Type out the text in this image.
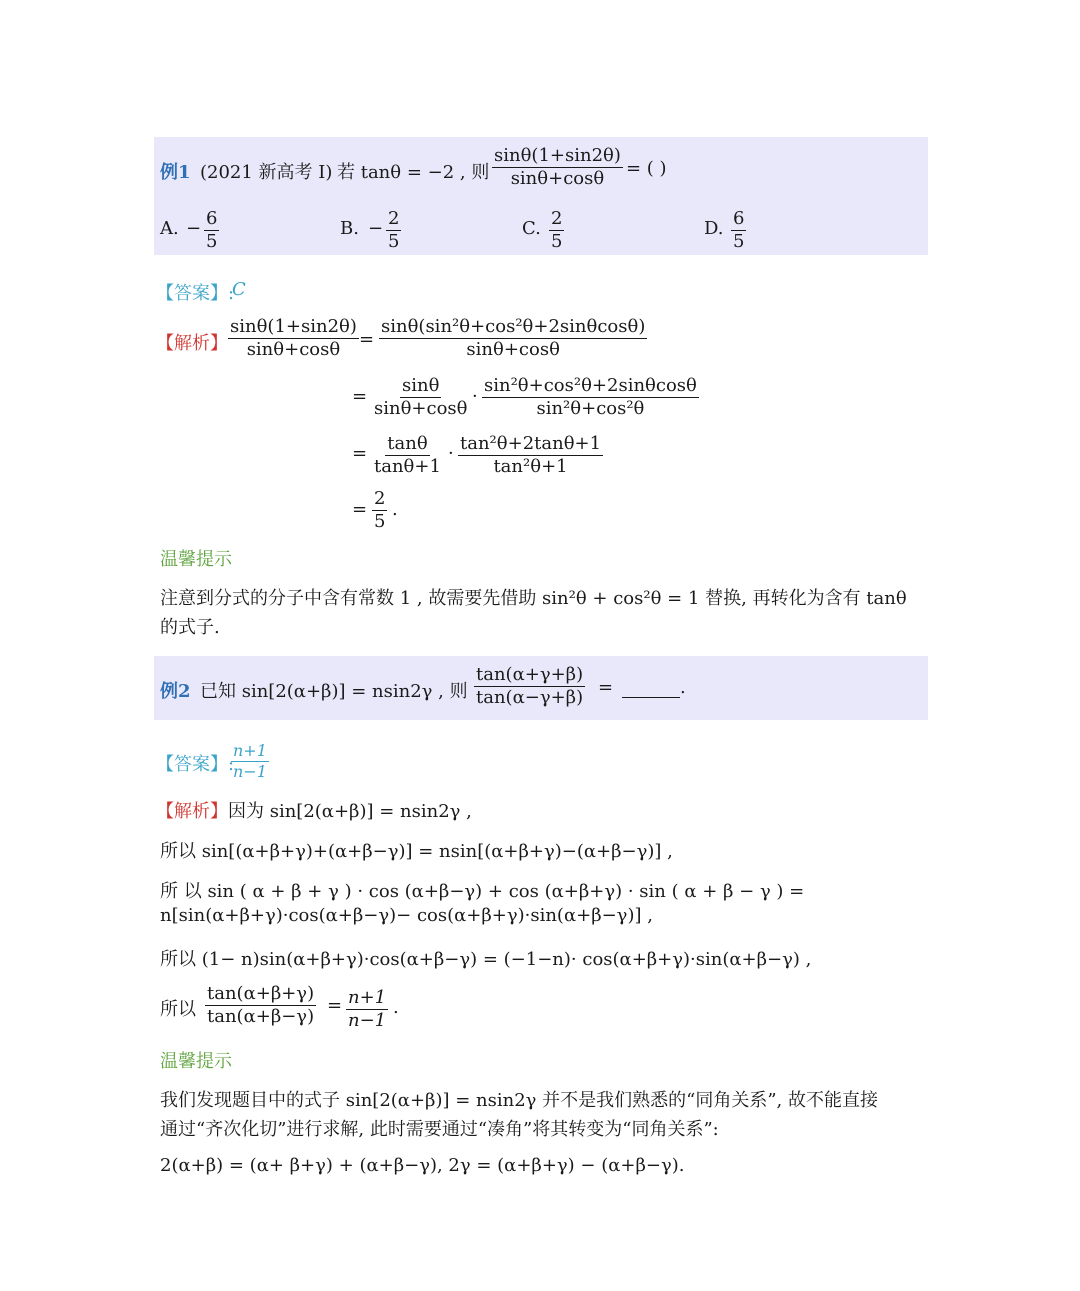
例1 (2021 新高考 I) 若 tanθ = −2 , 则
sinθ(1+sin2θ)
sinθ+cosθ = ( )
A. − 6
5
B. − 2
5
C. 2
5
D. 6
5
【答案】:
C
【解析】
sinθ(1+sin2θ)
sinθ+cosθ =
sinθ(sin²θ+cos²θ+2sinθcosθ)
sinθ+cosθ
=
sinθ
sinθ+cosθ
·
sin²θ+cos²θ+2sinθcosθ
sin²θ+cos²θ
= tanθ
tanθ+1
· tan²θ+2tanθ+1
tan²θ+1
=
2
5
.
温馨提示
注意到分式的分子中含有常数 1 , 故需要先借助 sin²θ + cos²θ = 1 替换, 再转化为含有 tanθ
的式子.
例2 已知 sin[2(α+β)] = nsin2γ , 则
tan(α+γ+β)
tan(α−γ+β) =	.
【答案】:
n+1
n−1
【解析】 因为 sin[2(α+β)] = nsin2γ ,
所以 sin[(α+β+γ)+(α+β−γ)] = nsin[(α+β+γ)−(α+β−γ)] ,
所 以 sin ( α + β + γ ) · cos (α+β−γ) + cos (α+β+γ) · sin ( α + β − γ ) =
n[sin(α+β+γ)·cos(α+β−γ)− cos(α+β+γ)·sin(α+β−γ)] ,
所以 (1− n)sin(α+β+γ)·cos(α+β−γ) = (−1−n)· cos(α+β+γ)·sin(α+β−γ) ,
所以
tan(α+β+γ)
tan(α+β−γ)
= n+1
n−1
.
温馨提示
我们发现题目中的式子 sin[2(α+β)] = nsin2γ 并不是我们熟悉的“同角关系”, 故不能直接
通过“齐次化切”进行求解, 此时需要通过“凑角”将其转变为“同角关系”:
2(α+β) = (α+ β+γ) + (α+β−γ), 2γ = (α+β+γ) − (α+β−γ).
